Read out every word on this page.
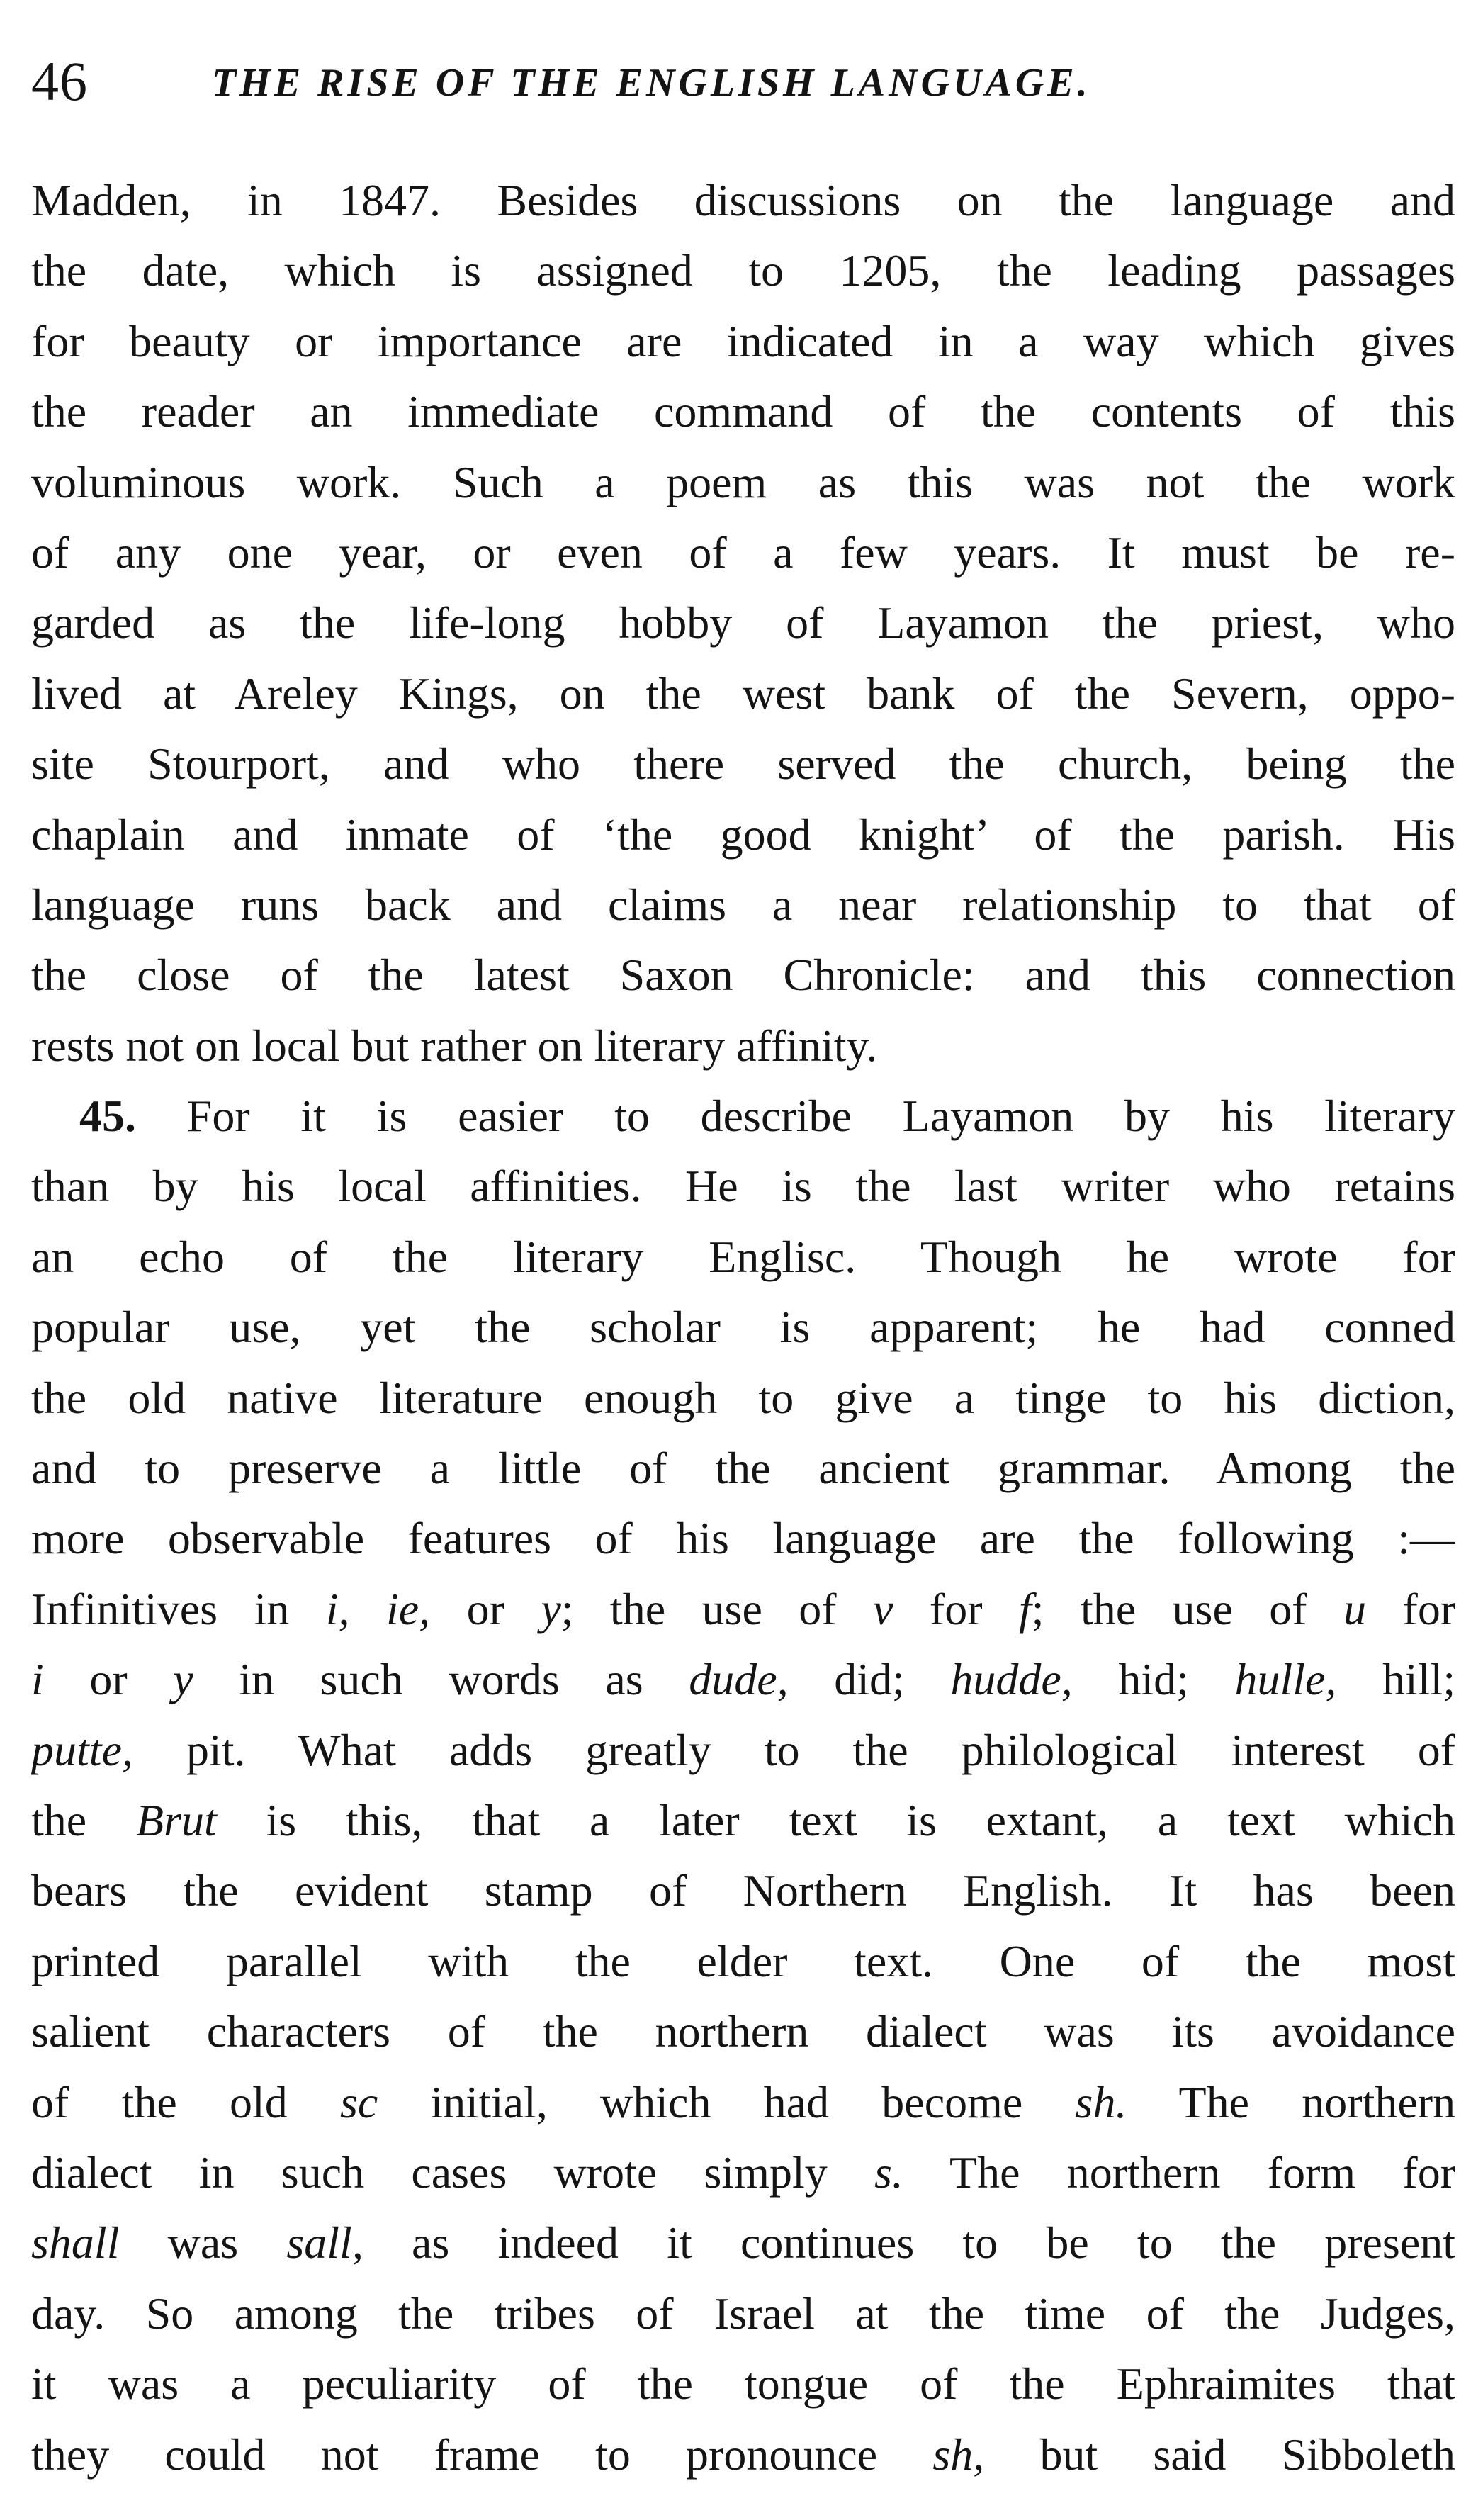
46	THE RISE OF THE ENGLISH LANGUAGE.
Madden, in 1847. Besides discussions on the language and
the date, which is assigned to 1205, the leading passages
for beauty or importance are indicated in a way which gives
the reader an immediate command of the contents of this
voluminous work. Such a poem as this was not the work
of any one year, or even of a few years. It must be re-
garded as the life-long hobby of Layamon the priest, who
lived at Areley Kings, on the west bank of the Severn, oppo-
site Stourport, and who there served the church, being the
chaplain and inmate of ‘the good knight’ of the parish. His
language runs back and claims a near relationship to that of
the close of the latest Saxon Chronicle: and this connection
rests not on local but rather on literary affinity.
45. For it is easier to describe Layamon by his literary
than by his local affinities. He is the last writer who retains
an echo of the literary Englisc. Though he wrote for
popular use, yet the scholar is apparent; he had conned
the old native literature enough to give a tinge to his diction,
and to preserve a little of the ancient grammar. Among the
more observable features of his language are the following :—
Infinitives in i, ie, or y; the use of v for f; the use of u for
i or y in such words as dude, did; hudde, hid; hulle, hill;
putte, pit. What adds greatly to the philological interest of
the Brut is this, that a later text is extant, a text which
bears the evident stamp of Northern English. It has been
printed parallel with the elder text. One of the most
salient characters of the northern dialect was its avoidance
of the old sc initial, which had become sh. The northern
dialect in such cases wrote simply s. The northern form for
shall was sall, as indeed it continues to be to the present
day. So among the tribes of Israel at the time of the Judges,
it was a peculiarity of the tongue of the Ephraimites that
they could not frame to pronounce sh, but said Sibboleth
